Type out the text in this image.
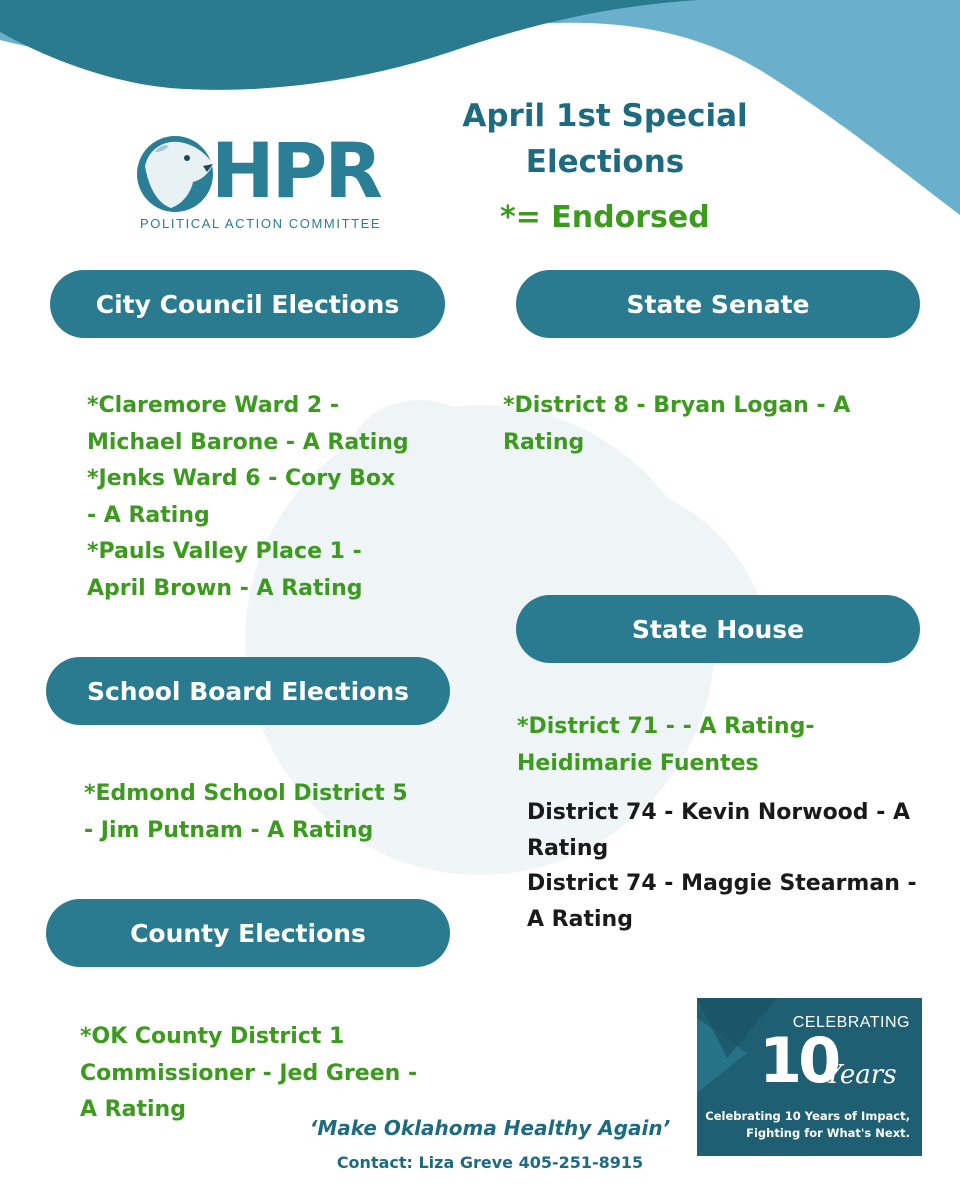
HPR
POLITICAL ACTION COMMITTEE
April 1st Special
Elections
*= Endorsed
City Council Elections
*Claremore Ward 2 -
Michael Barone - A Rating
*Jenks Ward 6 - Cory Box
- A Rating
*Pauls Valley Place 1 -
April Brown - A Rating
School Board Elections
*Edmond School District 5
- Jim Putnam - A Rating
County Elections
*OK County District 1
Commissioner - Jed Green -
A Rating
State Senate
*District 8 - Bryan Logan - A
Rating
State House
*District 71 - - A Rating-
Heidimarie Fuentes
District 74 - Kevin Norwood - A
Rating
District 74 - Maggie Stearman -
A Rating
‘Make Oklahoma Healthy Again’
Contact: Liza Greve 405-251-8915
CELEBRATING
10
Years
Celebrating 10 Years of Impact,
Fighting for What's Next.
